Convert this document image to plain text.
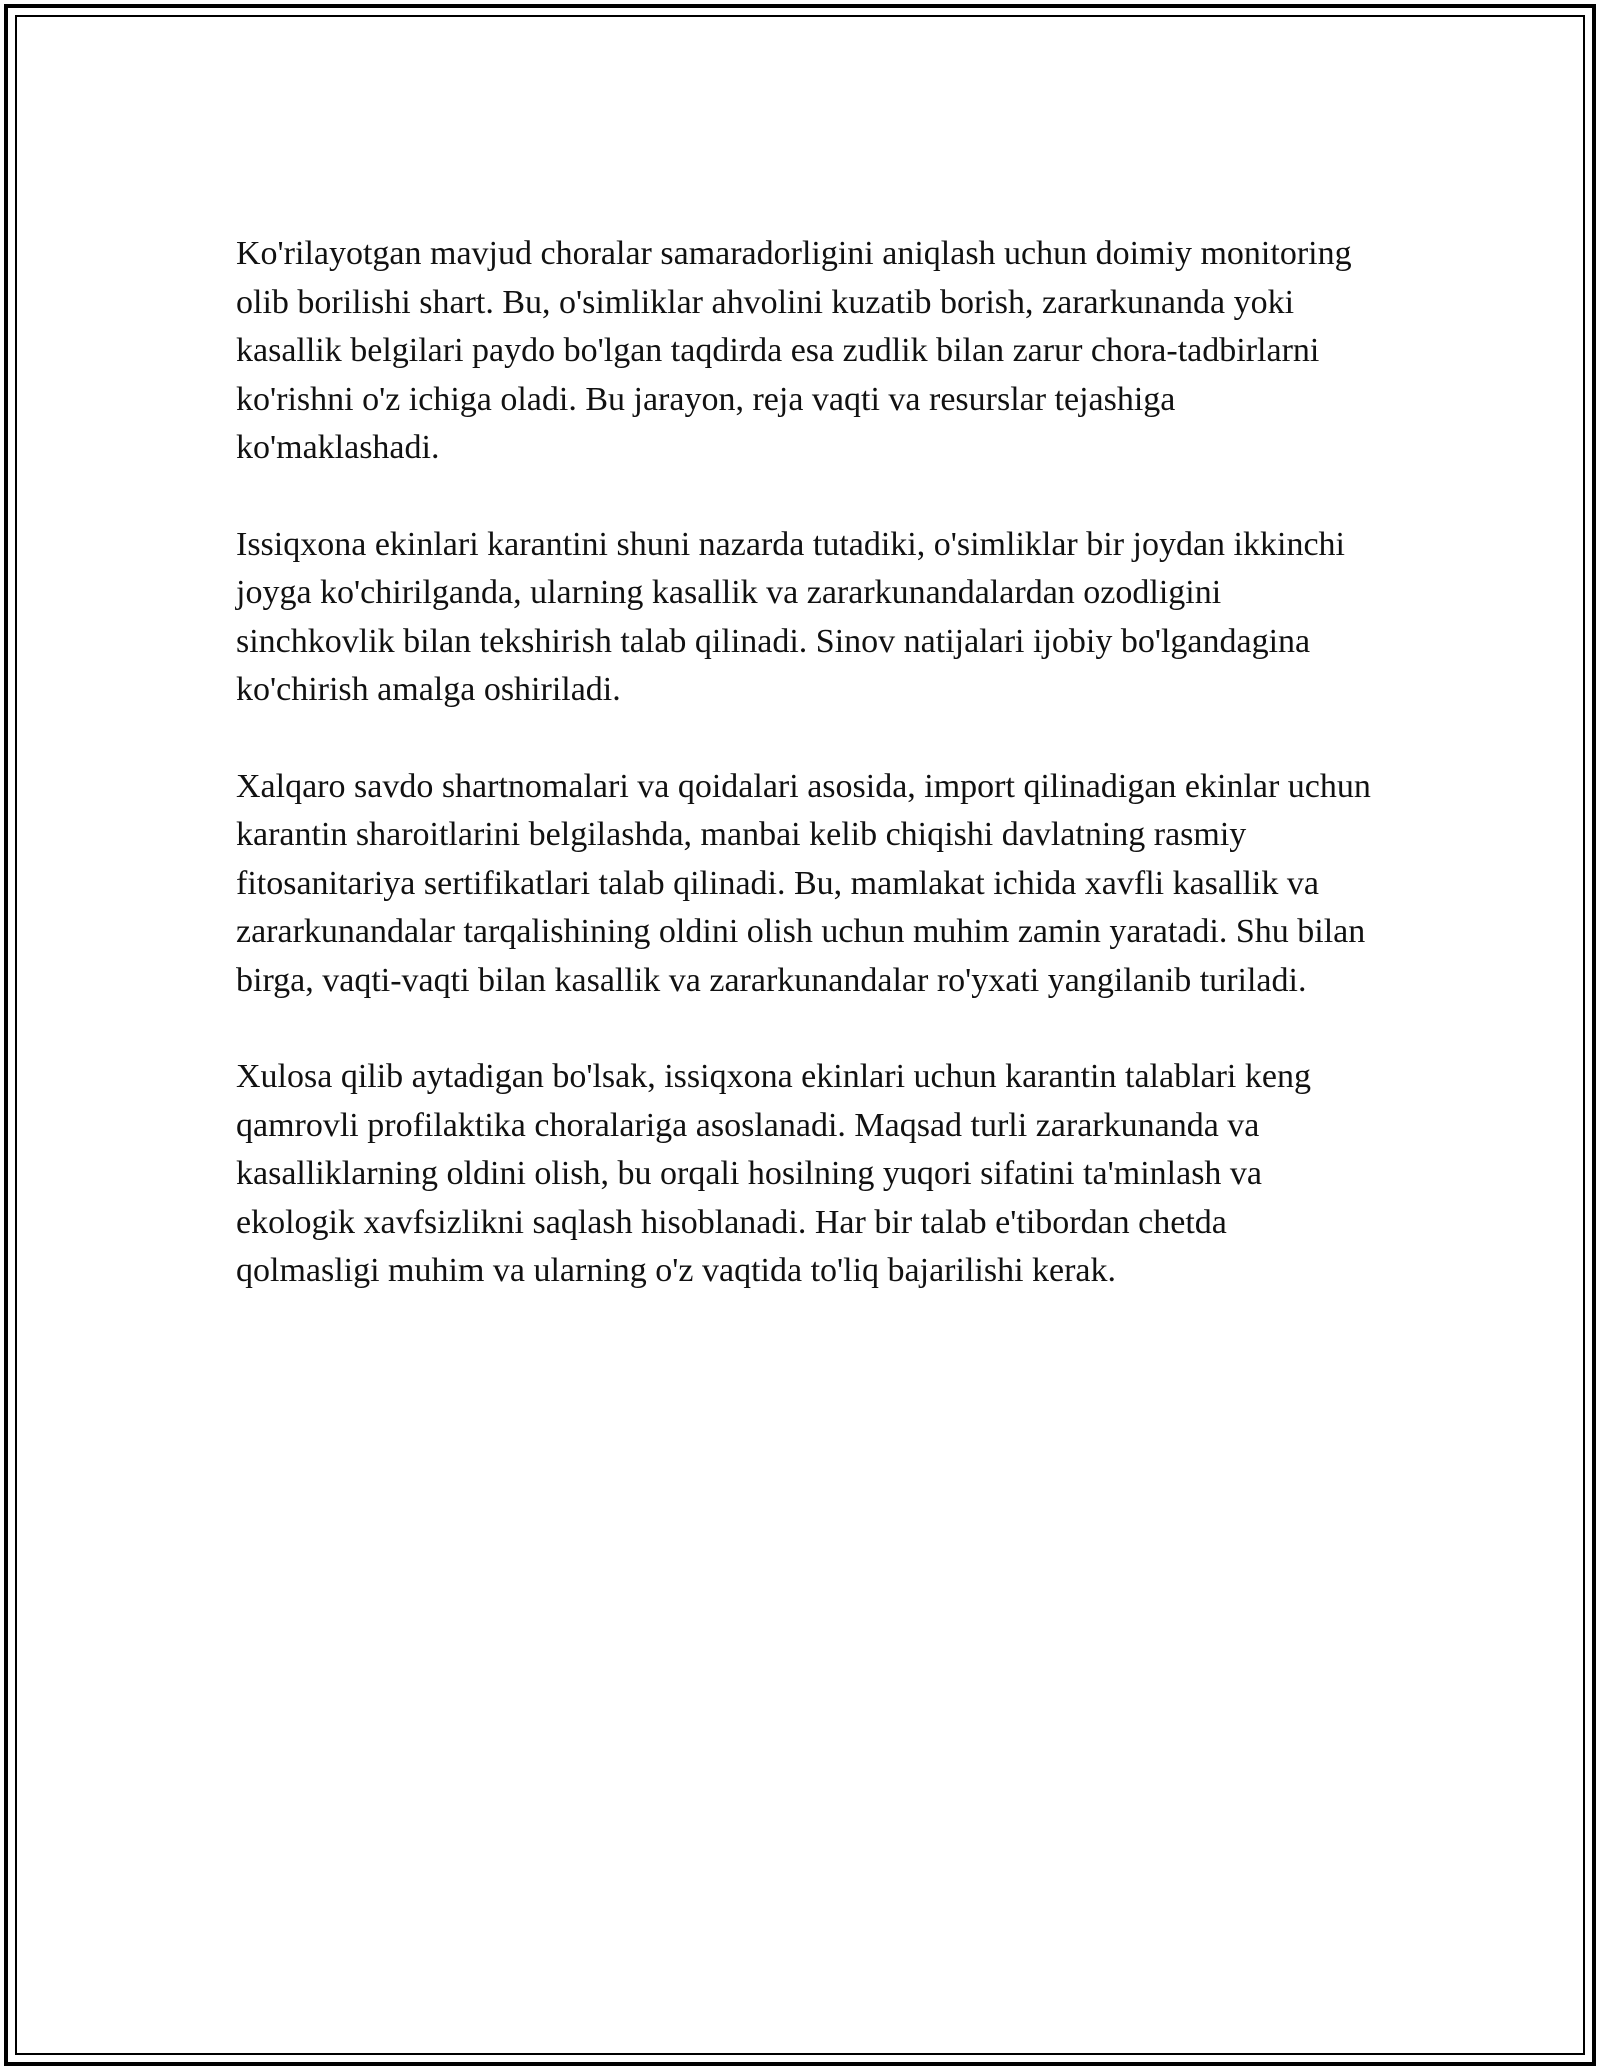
Ko'rilayotgan mavjud choralar samaradorligini aniqlash uchun doimiy monitoring olib borilishi shart. Bu, o'simliklar ahvolini kuzatib borish, zararkunanda yoki kasallik belgilari paydo bo'lgan taqdirda esa zudlik bilan zarur chora-tadbirlarni ko'rishni o'z ichiga oladi. Bu jarayon, reja vaqti va resurslar tejashiga ko'maklashadi.

Issiqxona ekinlari karantini shuni nazarda tutadiki, o'simliklar bir joydan ikkinchi joyga ko'chirilganda, ularning kasallik va zararkunandalardan ozodligini sinchkovlik bilan tekshirish talab qilinadi. Sinov natijalari ijobiy bo'lgandagina ko'chirish amalga oshiriladi.

Xalqaro savdo shartnomalari va qoidalari asosida, import qilinadigan ekinlar uchun karantin sharoitlarini belgilashda, manbai kelib chiqishi davlatning rasmiy fitosanitariya sertifikatlari talab qilinadi. Bu, mamlakat ichida xavfli kasallik va zararkunandalar tarqalishining oldini olish uchun muhim zamin yaratadi. Shu bilan birga, vaqti-vaqti bilan kasallik va zararkunandalar ro'yxati yangilanib turiladi.

Xulosa qilib aytadigan bo'lsak, issiqxona ekinlari uchun karantin talablari keng qamrovli profilaktika choralariga asoslanadi. Maqsad turli zararkunanda va kasalliklarning oldini olish, bu orqali hosilning yuqori sifatini ta'minlash va ekologik xavfsizlikni saqlash hisoblanadi. Har bir talab e'tibordan chetda qolmasligi muhim va ularning o'z vaqtida to'liq bajarilishi kerak.
